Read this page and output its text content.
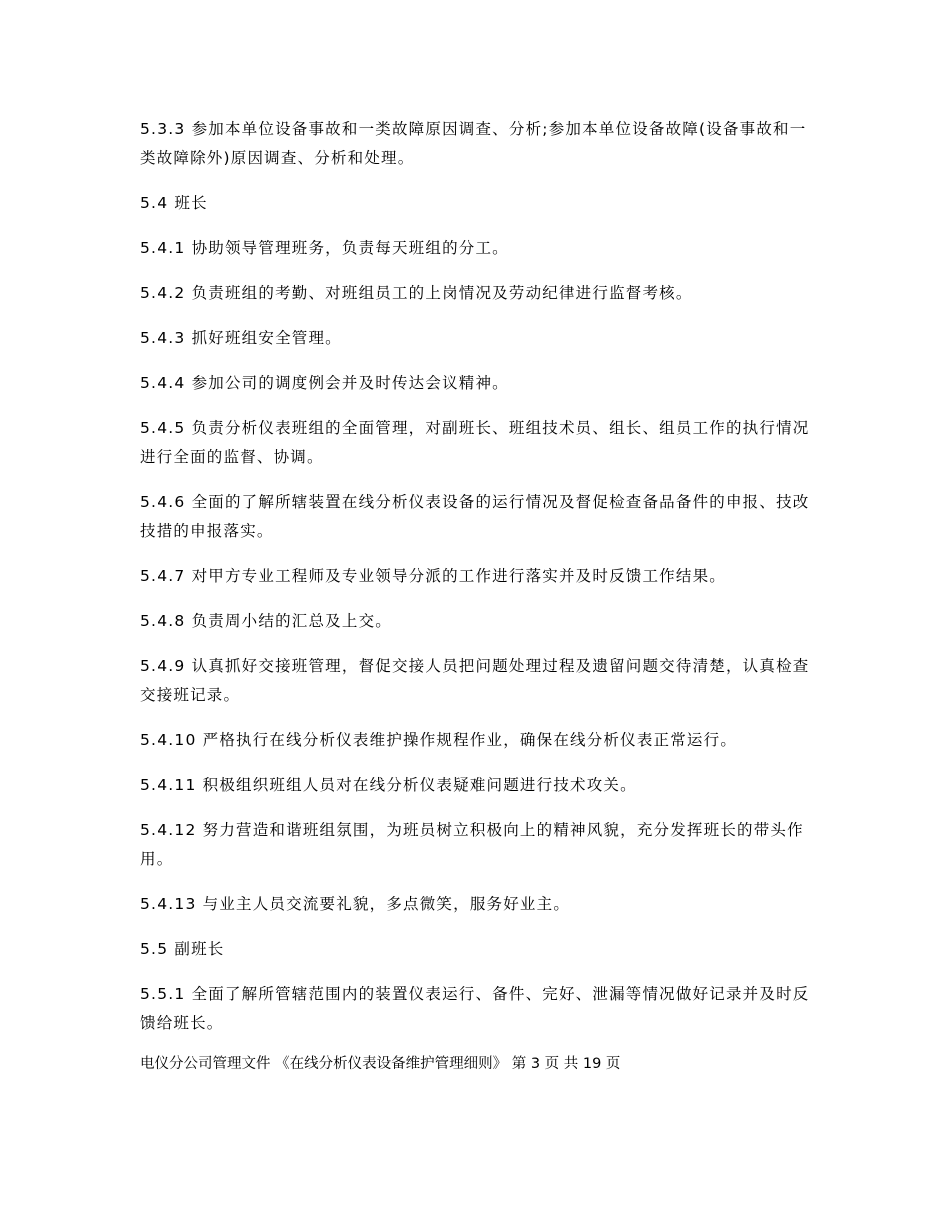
5.3.3 参加本单位设备事故和一类故障原因调查、分析;参加本单位设备故障(设备事故和一类故障除外)原因调查、分析和处理。

5.4 班长

5.4.1 协助领导管理班务，负责每天班组的分工。

5.4.2 负责班组的考勤、对班组员工的上岗情况及劳动纪律进行监督考核。

5.4.3 抓好班组安全管理。

5.4.4 参加公司的调度例会并及时传达会议精神。

5.4.5 负责分析仪表班组的全面管理，对副班长、班组技术员、组长、组员工作的执行情况进行全面的监督、协调。

5.4.6 全面的了解所辖装置在线分析仪表设备的运行情况及督促检查备品备件的申报、技改技措的申报落实。

5.4.7 对甲方专业工程师及专业领导分派的工作进行落实并及时反馈工作结果。

5.4.8 负责周小结的汇总及上交。

5.4.9 认真抓好交接班管理，督促交接人员把问题处理过程及遗留问题交待清楚，认真检查交接班记录。

5.4.10 严格执行在线分析仪表维护操作规程作业，确保在线分析仪表正常运行。

5.4.11 积极组织班组人员对在线分析仪表疑难问题进行技术攻关。

5.4.12 努力营造和谐班组氛围，为班员树立积极向上的精神风貌，充分发挥班长的带头作用。

5.4.13 与业主人员交流要礼貌，多点微笑，服务好业主。

5.5 副班长

5.5.1 全面了解所管辖范围内的装置仪表运行、备件、完好、泄漏等情况做好记录并及时反馈给班长。

电仪分公司管理文件 《在线分析仪表设备维护管理细则》 第 3 页 共 19 页
